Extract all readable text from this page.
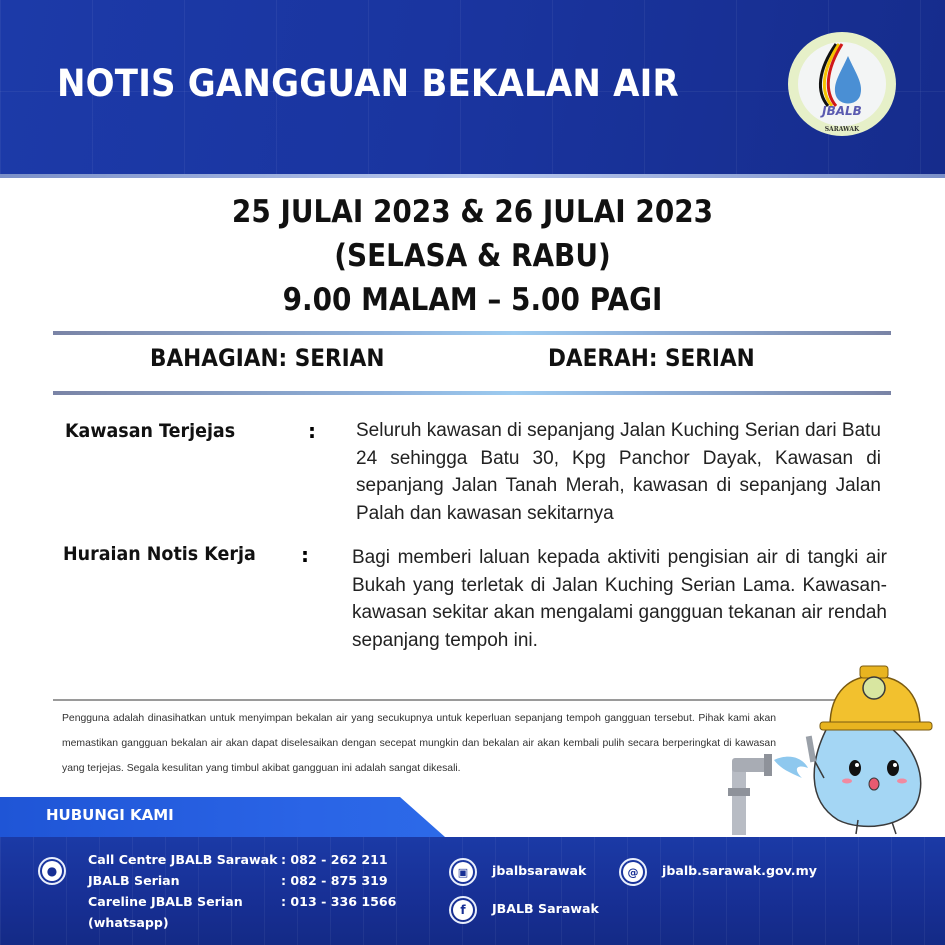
NOTIS GANGGUAN BEKALAN AIR
JBALB
SARAWAK
25 JULAI 2023 & 26 JULAI 2023
(SELASA & RABU)
9.00 MALAM – 5.00 PAGI
BAHAGIAN: SERIAN	DAERAH: SERIAN
Kawasan Terjejas	: Seluruh kawasan di sepanjang Jalan Kuching Serian dari Batu 24 sehingga Batu 30, Kpg Panchor Dayak, Kawasan di sepanjang Jalan Tanah Merah, kawasan di sepanjang Jalan Palah dan kawasan sekitarnya
Huraian Notis Kerja : Bagi memberi laluan kepada aktiviti pengisian air di tangki air Bukah yang terletak di Jalan Kuching Serian Lama. Kawasan-kawasan sekitar akan mengalami gangguan tekanan air rendah sepanjang tempoh ini.
Pengguna adalah dinasihatkan untuk menyimpan bekalan air yang secukupnya untuk keperluan sepanjang tempoh gangguan tersebut. Pihak kami akan memastikan gangguan bekalan air akan dapat diselesaikan dengan secepat mungkin dan bekalan air akan kembali pulih secara berperingkat di kawasan yang terjejas. Segala kesulitan yang timbul akibat gangguan ini adalah sangat dikesali.
HUBUNGI KAMI
●
Call Centre JBALB Sarawak : 082 - 262 211
JBALB Serian	: 082 - 875 319
Careline JBALB Serian	: 013 - 336 1566
(whatsapp)
▣	jbalbsarawak
f	JBALB Sarawak
@	jbalb.sarawak.gov.my
